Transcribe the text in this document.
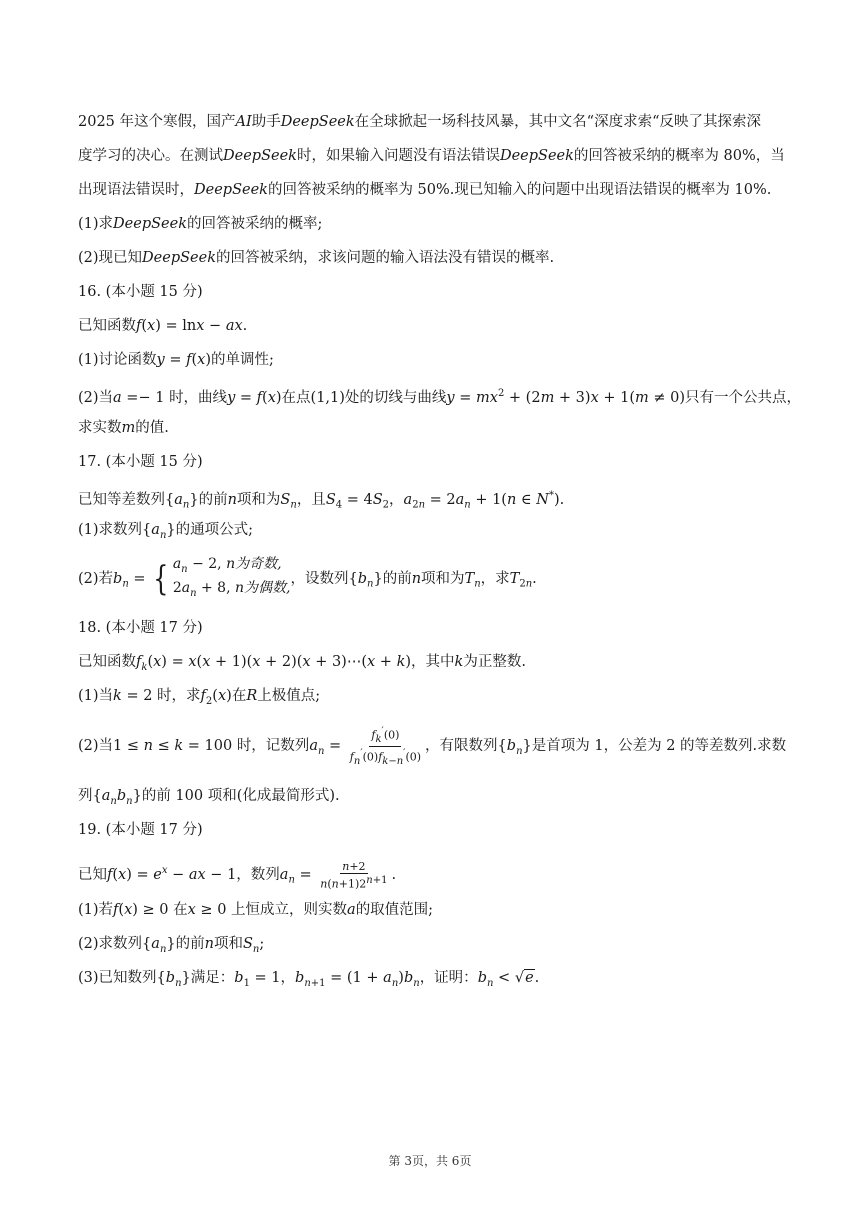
2025 年这个寒假，国产AI助手DeepSeek在全球掀起一场科技风暴，其中文名“深度求索“反映了其探索深
度学习的决心。在测试DeepSeek时，如果输入问题没有语法错误DeepSeek的回答被采纳的概率为 80%，当
出现语法错误时，DeepSeek的回答被采纳的概率为 50%.现已知输入的问题中出现语法错误的概率为 10%.
(1)求DeepSeek的回答被采纳的概率;
(2)现已知DeepSeek的回答被采纳，求该问题的输入语法没有错误的概率.
16. (本小题 15 分)
已知函数f(x) = lnx − ax.
(1)讨论函数y = f(x)的单调性;
(2)当a =− 1 时，曲线y = f(x)在点(1,1)处的切线与曲线$y = mx^2 + (2m + 3)x + 1(m \ne 0)$只有一个公共点，
求实数m的值.
17. (本小题 15 分)
已知等差数列$\{a_n\}$的前n项和为$S_n$，且$S_4 = 4S_2$，$a_{2n} = 2a_n + 1(n$ ∈ N*).
(1)求数列$\{a_n\}$的通项公式;
(2)若$b_n$ = { $a_n - 2$, n为奇数,
$2a_n + 8$, n为偶数,
，设数列$\{b_n\}$的前n项和为$T_n$，求$T_{2n}$.
18. (本小题 17 分)
已知函数$f_k(x) = x(x + 1)(x + 2)(x$ + 3)⋯(x + k)，其中k为正整数.
(1)当k = 2 时，求$f_2(x)$在R上极值点;
(2)当1 ≤ n ≤ k = 100 时，记数列$a_n = \frac{f_k'(0)}{f_n'(0)f_{k-n}'(0)}$ ，有限数列$\{b_n\}$是首项为 1，公差为 2 的等差数列.求数
列$\{a_nb_n\}$的前 100 项和(化成最简形式).
19. (本小题 17 分)
已知$f(x) = e^x$ − ax − 1，数列$a_n = \frac{n+2}{n(n+1)2^{n+1}}$ .
(1)若f(x) ≥ 0 在x ≥ 0 上恒成立，则实数a的取值范围;
(2)求数列$\{a_n\}$的前n项和$S_n$;
(3)已知数列$\{b_n\}$满足：$b_1 = 1$，$b_{n+1} = (1 + a_n)b_n$，证明：$b_n < √e$.
第 3页，共 6页
